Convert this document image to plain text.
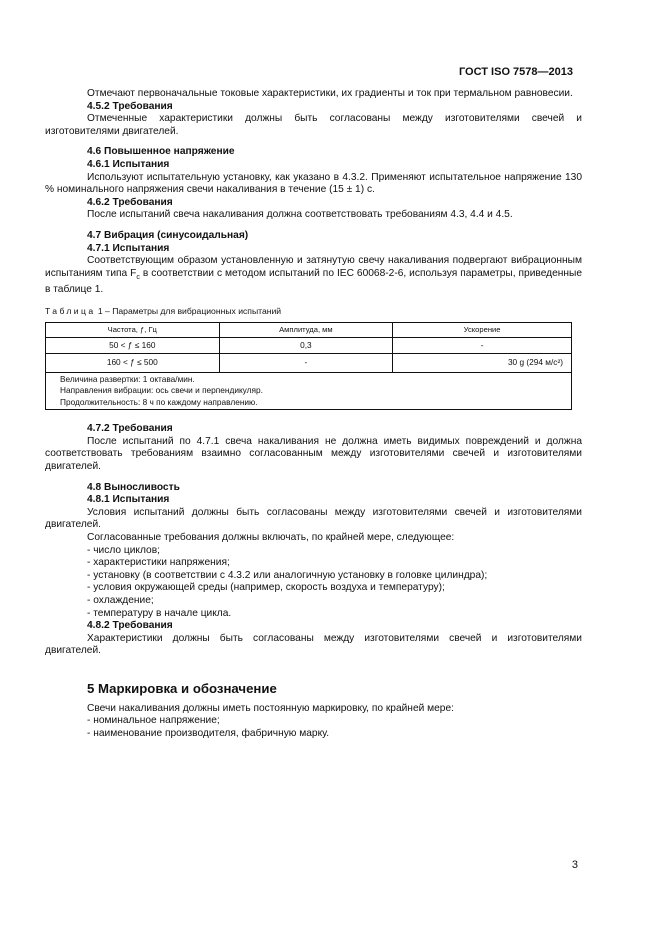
ГОСТ ISO 7578—2013

Отмечают первоначальные токовые характеристики, их градиенты и ток при термальном равновесии.

4.5.2 Требования

Отмеченные характеристики должны быть согласованы между изготовителями свечей и изготовителями двигателей.

4.6 Повышенное напряжение

4.6.1 Испытания

Используют испытательную установку, как указано в 4.3.2. Применяют испытательное напряжение 130 % номинального напряжения свечи накаливания в течение (15 ± 1) с.

4.6.2 Требования

После испытаний свеча накаливания должна соответствовать требованиям 4.3, 4.4 и 4.5.

4.7 Вибрация (синусоидальная)

4.7.1 Испытания

Соответствующим образом установленную и затянутую свечу накаливания подвергают вибрационным испытаниям типа $F_c$ в соответствии с методом испытаний по IEC 60068-2-6, используя параметры, приведенные в таблице 1.

Таблица 1 – Параметры для вибрационных испытаний
Частота, ƒ, Гц	Амплитуда, мм	Ускорение
50 < ƒ ≤ 160	0,3	-
160 < ƒ ≤ 500	-	30 g (294 м/с²)

Величина развертки: 1 октава/мин.
Направления вибрации: ось свечи и перпендикуляр.
Продолжительность: 8 ч по каждому направлению.		

4.7.2 Требования

После испытаний по 4.7.1 свеча накаливания не должна иметь видимых повреждений и должна соответствовать требованиям взаимно согласованным между изготовителями свечей и изготовителями двигателей.

4.8 Выносливость

4.8.1 Испытания

Условия испытаний должны быть согласованы между изготовителями свечей и изготовителями двигателей.

Согласованные требования должны включать, по крайней мере, следующее:

- число циклов;

- характеристики напряжения;

- установку (в соответствии с 4.3.2 или аналогичную установку в головке цилиндра);

- условия окружающей среды (например, скорость воздуха и температуру);

- охлаждение;

- температуру в начале цикла.

4.8.2 Требования

Характеристики должны быть согласованы между изготовителями свечей и изготовителями двигателей.

5 Маркировка и обозначение

Свечи накаливания должны иметь постоянную маркировку, по крайней мере:

- номинальное напряжение;

- наименование производителя, фабричную марку.

3
